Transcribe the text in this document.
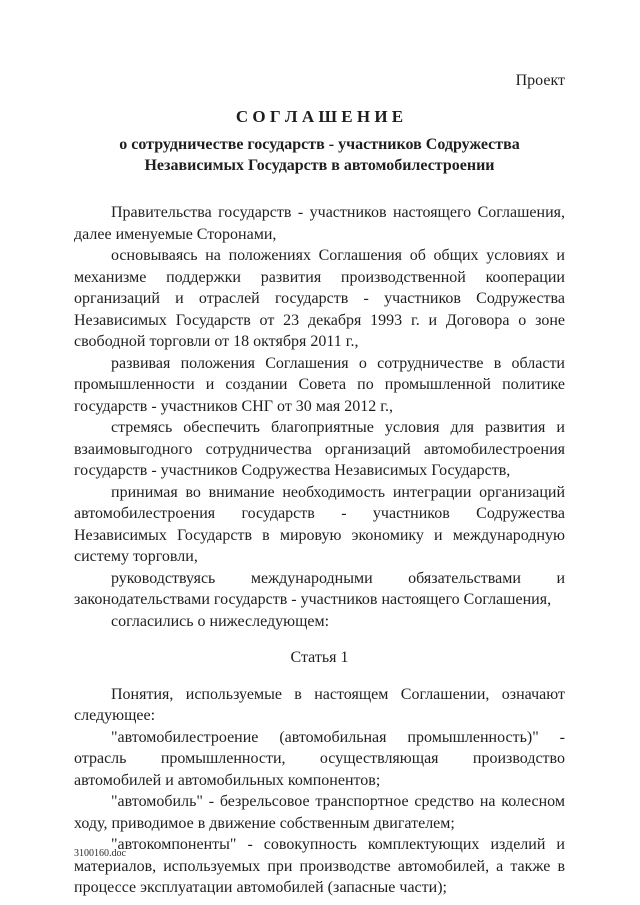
Проект
С О Г Л А Ш Е Н И Е
о сотрудничестве государств - участников Содружества
Независимых Государств в автомобилестроении

Правительства государств - участников настоящего Соглашения, далее именуемые Сторонами,

основываясь на положениях Соглашения об общих условиях и механизме поддержки развития производственной кооперации организаций и отраслей государств - участников Содружества Независимых Государств от 23 декабря 1993 г. и Договора о зоне свободной торговли от 18 октября 2011 г.,

развивая положения Соглашения о сотрудничестве в области промышленности и создании Совета по промышленной политике государств - участников СНГ от 30 мая 2012 г.,

стремясь обеспечить благоприятные условия для развития и взаимовыгодного сотрудничества организаций автомобилестроения государств - участников Содружества Независимых Государств,

принимая во внимание необходимость интеграции организаций автомобилестроения государств - участников Содружества Независимых Государств в мировую экономику и международную систему торговли,

руководствуясь международными обязательствами и законодательствами государств - участников настоящего Соглашения,

согласились о нижеследующем:

Статья 1

Понятия, используемые в настоящем Соглашении, означают следующее:

"автомобилестроение (автомобильная промышленность)" - отрасль промышленности, осуществляющая производство автомобилей и автомобильных компонентов;

"автомобиль" - безрельсовое транспортное средство на колесном ходу, приводимое в движение собственным двигателем;

"автокомпоненты" - совокупность комплектующих изделий и материалов, используемых при производстве автомобилей, а также в процессе эксплуатации автомобилей (запасные части);

3100160.doc
